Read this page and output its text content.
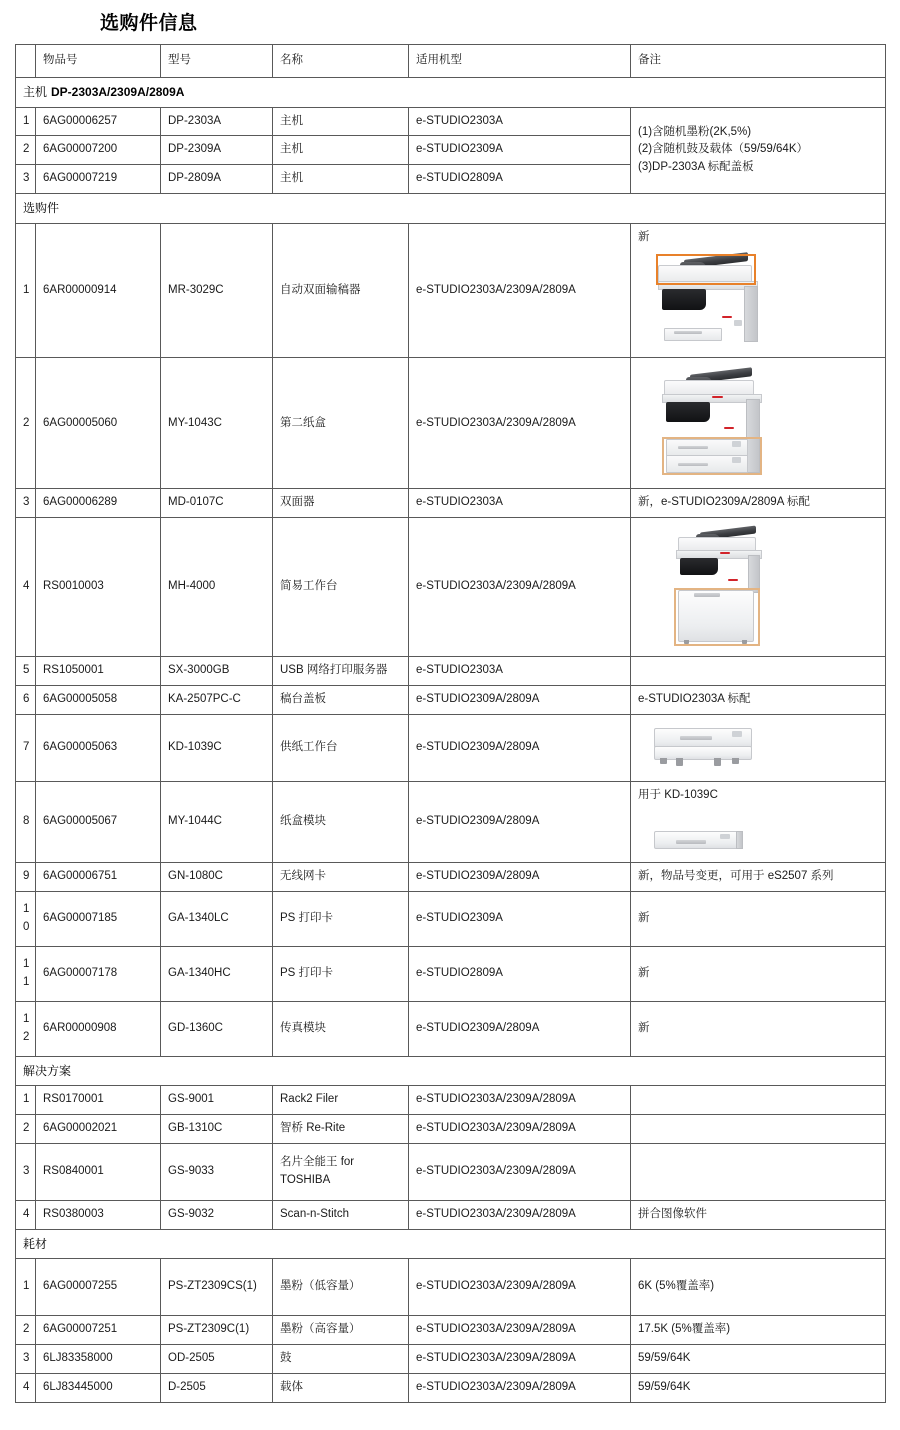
选购件信息
	物品号	型号	名称	适用机型	备注
主机 DP-2303A/2309A/2809A					
1	6AG00006257	DP-2303A	主机	e-STUDIO2303A	(1)含随机墨粉(2K,5%)
(2)含随机鼓及载体（59/59/64K）
(3)DP-2303A 标配盖板

2	6AG00007200	DP-2309A	主机	e-STUDIO2309A	
3	6AG00007219	DP-2809A	主机	e-STUDIO2809A	
选购件					
1	6AR00000914	MR-3029C	自动双面输稿器	e-STUDIO2303A/2309A/2809A	新

2	6AG00005060	MY-1043C	第二纸盒	e-STUDIO2303A/2309A/2809A	

3	6AG00006289	MD-0107C	双面器	e-STUDIO2303A	新，e-STUDIO2309A/2809A 标配
4	RS0010003	MH-4000	简易工作台	e-STUDIO2303A/2309A/2809A	

5	RS1050001	SX-3000GB	USB 网络打印服务器	e-STUDIO2303A	
6	6AG00005058	KA-2507PC-C	稿台盖板	e-STUDIO2309A/2809A	e-STUDIO2303A 标配
7	6AG00005063	KD-1039C	供纸工作台	e-STUDIO2309A/2809A	

8	6AG00005067	MY-1044C	纸盒模块	e-STUDIO2309A/2809A	用于 KD-1039C

9	6AG00006751	GN-1080C	无线网卡	e-STUDIO2309A/2809A	新，物品号变更，可用于 eS2507 系列
10	6AG00007185	GA-1340LC	PS 打印卡	e-STUDIO2309A	新
11	6AG00007178	GA-1340HC	PS 打印卡	e-STUDIO2809A	新
12	6AR00000908	GD-1360C	传真模块	e-STUDIO2309A/2809A	新
解决方案					
1	RS0170001	GS-9001	Rack2 Filer	e-STUDIO2303A/2309A/2809A	
2	6AG00002021	GB-1310C	智桥 Re-Rite	e-STUDIO2303A/2309A/2809A	
3	RS0840001	GS-9033	名片全能王 for TOSHIBA	e-STUDIO2303A/2309A/2809A	
4	RS0380003	GS-9032	Scan-n-Stitch	e-STUDIO2303A/2309A/2809A	拼合图像软件
耗材					
1	6AG00007255	PS-ZT2309CS(1)	墨粉（低容量）	e-STUDIO2303A/2309A/2809A	6K (5%覆盖率)
2	6AG00007251	PS-ZT2309C(1)	墨粉（高容量）	e-STUDIO2303A/2309A/2809A	17.5K (5%覆盖率)
3	6LJ83358000	OD-2505	鼓	e-STUDIO2303A/2309A/2809A	59/59/64K
4	6LJ83445000	D-2505	载体	e-STUDIO2303A/2309A/2809A	59/59/64K
